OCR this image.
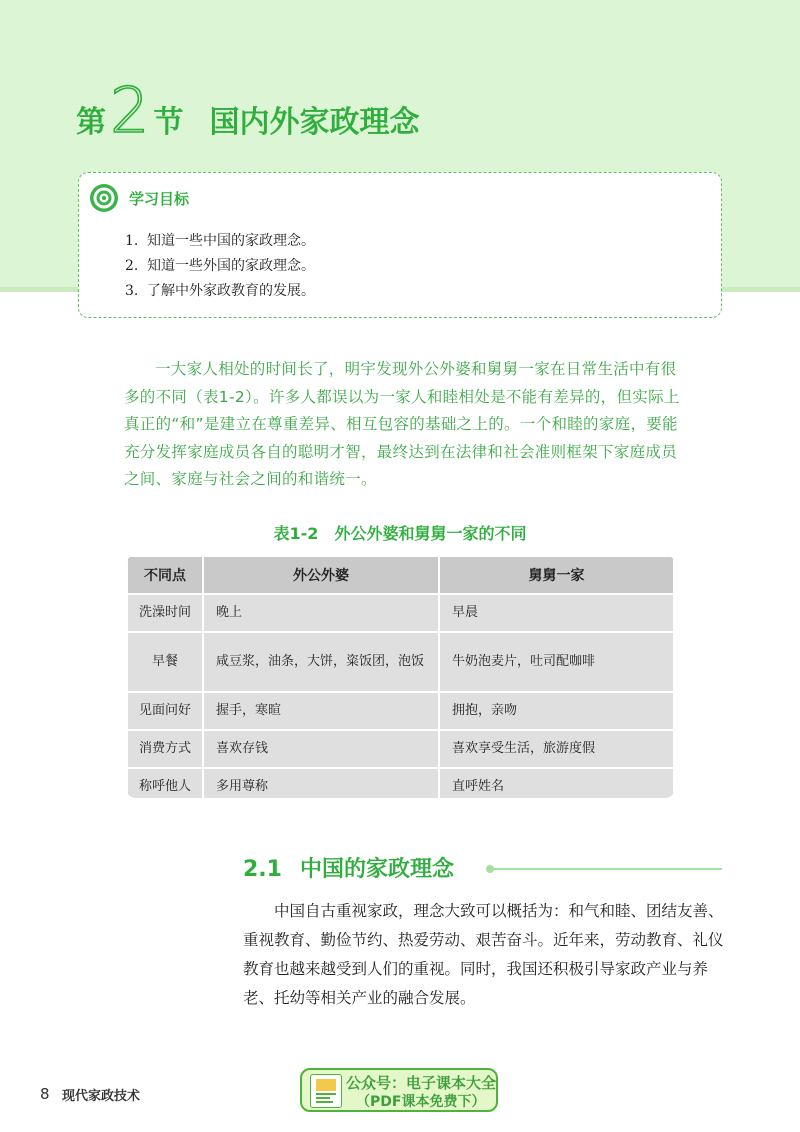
第 2 节 国内外家政理念
学习目标
1. 知道一些中国的家政理念。
2. 知道一些外国的家政理念。
3. 了解中外家政教育的发展。

一大家人相处的时间长了，明宇发现外公外婆和舅舅一家在日常生活中有很多的不同（表1-2）。许多人都误以为一家人和睦相处是不能有差异的，但实际上真正的“和”是建立在尊重差异、相互包容的基础之上的。一个和睦的家庭，要能充分发挥家庭成员各自的聪明才智，最终达到在法律和社会准则框架下家庭成员之间、家庭与社会之间的和谐统一。

表1-2　外公外婆和舅舅一家的不同
不同点	外公外婆	舅舅一家
洗澡时间	晚上	早晨
早餐	咸豆浆，油条，大饼，粢饭团，泡饭	牛奶泡麦片，吐司配咖啡
见面问好	握手，寒暄	拥抱，亲吻
消费方式	喜欢存钱	喜欢享受生活，旅游度假
称呼他人	多用尊称	直呼姓名
2.1 中国的家政理念

中国自古重视家政，理念大致可以概括为：和气和睦、团结友善、重视教育、勤俭节约、热爱劳动、艰苦奋斗。近年来，劳动教育、礼仪教育也越来越受到人们的重视。同时，我国还积极引导家政产业与养老、托幼等相关产业的融合发展。

8 现代家政技术
公众号：电子课本大全
（PDF课本免费下）
